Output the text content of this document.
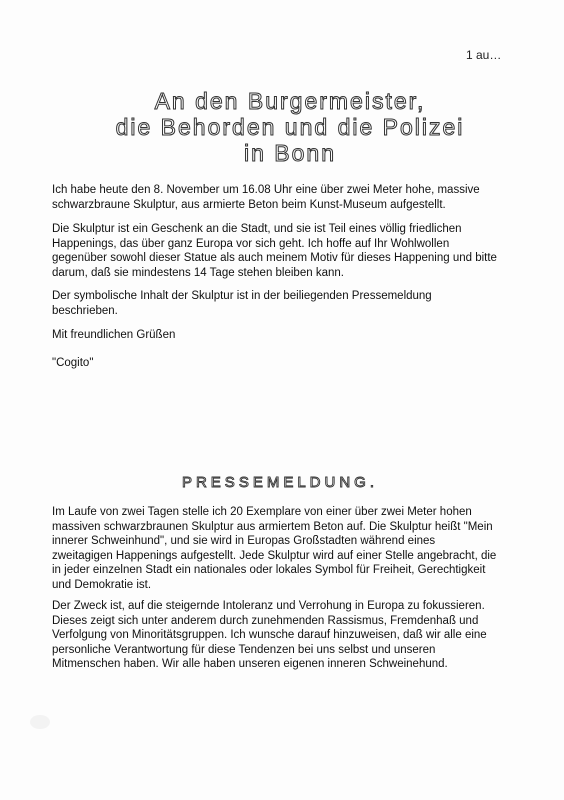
1 au…
An den Burgermeister,
die Behorden und die Polizei
in Bonn

Ich habe heute den 8. November um 16.08 Uhr eine über zwei Meter hohe, massive

schwarzbraune Skulptur, aus armierte Beton beim Kunst-Museum aufgestellt.

Die Skulptur ist ein Geschenk an die Stadt, und sie ist Teil eines völlig friedlichen

Happenings, das über ganz Europa vor sich geht. Ich hoffe auf Ihr Wohlwollen

gegenüber sowohl dieser Statue als auch meinem Motiv für dieses Happening und bitte

darum, daß sie mindestens 14 Tage stehen bleiben kann.

Der symbolische Inhalt der Skulptur ist in der beiliegenden Pressemeldung

beschrieben.

Mit freundlichen Grüßen
"Cogito"
PRESSEMELDUNG.

Im Laufe von zwei Tagen stelle ich 20 Exemplare von einer über zwei Meter hohen

massiven schwarzbraunen Skulptur aus armiertem Beton auf. Die Skulptur heißt "Mein

innerer Schweinhund", und sie wird in Europas Großstadten während eines

zweitagigen Happenings aufgestellt. Jede Skulptur wird auf einer Stelle angebracht, die

in jeder einzelnen Stadt ein nationales oder lokales Symbol für Freiheit, Gerechtigkeit

und Demokratie ist.

Der Zweck ist, auf die steigernde Intoleranz und Verrohung in Europa zu fokussieren.

Dieses zeigt sich unter anderem durch zunehmenden Rassismus, Fremdenhaß und

Verfolgung von Minoritätsgruppen. Ich wunsche darauf hinzuweisen, daß wir alle eine

personliche Verantwortung für diese Tendenzen bei uns selbst und unseren

Mitmenschen haben. Wir alle haben unseren eigenen inneren Schweinehund.
